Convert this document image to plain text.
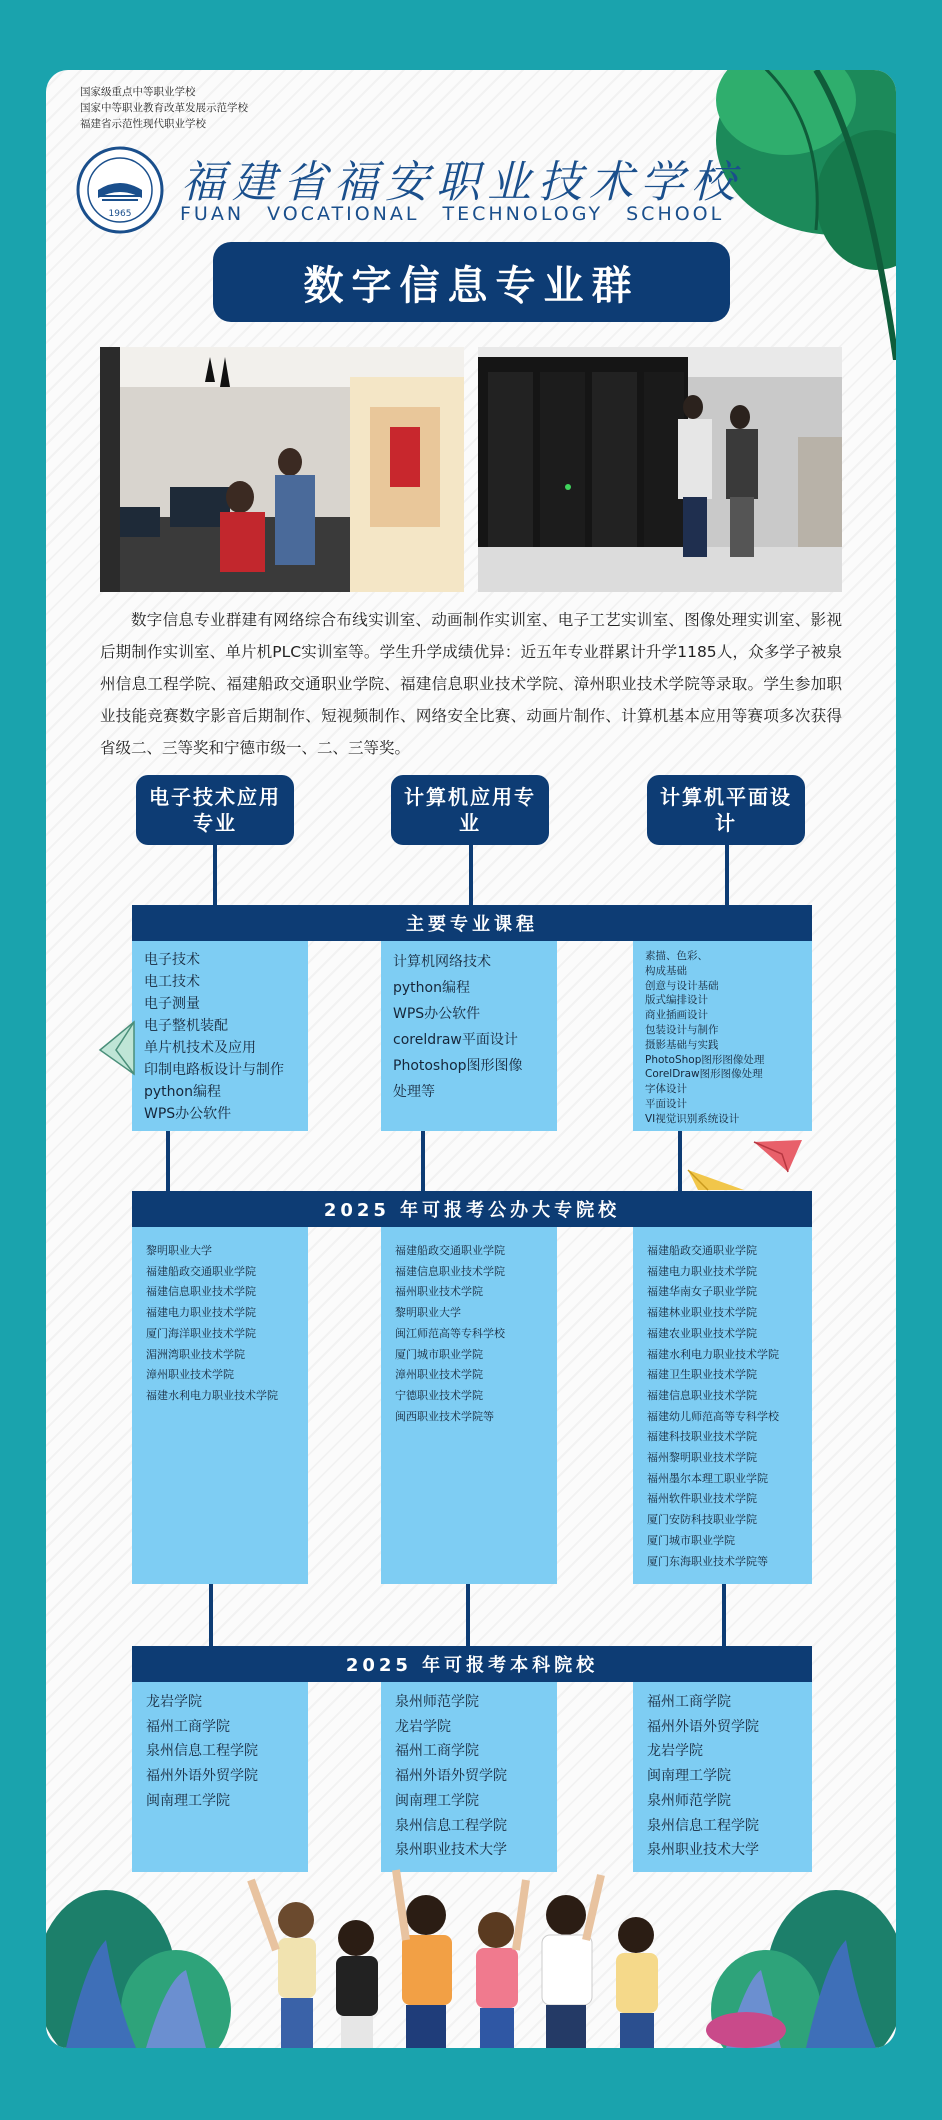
国家级重点中等职业学校
国家中等职业教育改革发展示范学校
福建省示范性现代职业学校
1965
福建省福安职业技术学校
FUAN VOCATIONAL TECHNOLOGY SCHOOL
数字信息专业群
数字信息专业群建有网络综合布线实训室、动画制作实训室、电子工艺实训室、图像处理实训室、影视后期制作实训室、单片机PLC实训室等。学生升学成绩优异：近五年专业群累计升学1185人，众多学子被泉州信息工程学院、福建船政交通职业学院、福建信息职业技术学院、漳州职业技术学院等录取。学生参加职业技能竞赛数字影音后期制作、短视频制作、网络安全比赛、动画片制作、计算机基本应用等赛项多次获得省级二、三等奖和宁德市级一、二、三等奖。
电子技术应用专业
计算机应用专业
计算机平面设计
主要专业课程
电子技术
电工技术
电子测量
电子整机装配
单片机技术及应用
印制电路板设计与制作
python编程
WPS办公软件
计算机网络技术
python编程
WPS办公软件
coreldraw平面设计
Photoshop图形图像
处理等
素描、色彩、
构成基础
创意与设计基础
版式编排设计
商业插画设计
包装设计与制作
摄影基础与实践
PhotoShop图形图像处理
CorelDraw图形图像处理
字体设计
平面设计
VI视觉识别系统设计
2025 年可报考公办大专院校
黎明职业大学
福建船政交通职业学院
福建信息职业技术学院
福建电力职业技术学院
厦门海洋职业技术学院
湄洲湾职业技术学院
漳州职业技术学院
福建水利电力职业技术学院
福建船政交通职业学院
福建信息职业技术学院
福州职业技术学院
黎明职业大学
闽江师范高等专科学校
厦门城市职业学院
漳州职业技术学院
宁德职业技术学院
闽西职业技术学院等
福建船政交通职业学院
福建电力职业技术学院
福建华南女子职业学院
福建林业职业技术学院
福建农业职业技术学院
福建水利电力职业技术学院
福建卫生职业技术学院
福建信息职业技术学院
福建幼儿师范高等专科学校
福建科技职业技术学院
福州黎明职业技术学院
福州墨尔本理工职业学院
福州软件职业技术学院
厦门安防科技职业学院
厦门城市职业学院
厦门东海职业技术学院等
2025 年可报考本科院校
龙岩学院
福州工商学院
泉州信息工程学院
福州外语外贸学院
闽南理工学院
泉州师范学院
龙岩学院
福州工商学院
福州外语外贸学院
闽南理工学院
泉州信息工程学院
泉州职业技术大学
福州工商学院
福州外语外贸学院
龙岩学院
闽南理工学院
泉州师范学院
泉州信息工程学院
泉州职业技术大学
